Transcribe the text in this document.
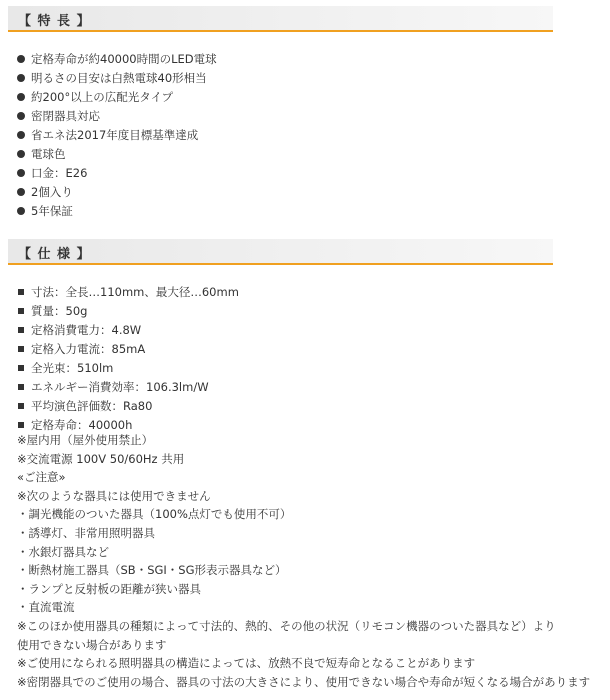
【 特 長 】
定格寿命が約40000時間のLED電球
明るさの目安は白熱電球40形相当
約200°以上の広配光タイプ
密閉器具対応
省エネ法2017年度目標基準達成
電球色
口金：E26
2個入り
5年保証
【 仕 様 】
寸法：全長…110mm、最大径…60mm
質量：50g
定格消費電力：4.8W
定格入力電流：85mA
全光束：510lm
エネルギー消費効率：106.3lm/W
平均演色評価数：Ra80
定格寿命：40000h
※屋内用（屋外使用禁止）
※交流電源 100V 50/60Hz 共用
«ご注意»
※次のような器具には使用できません
・調光機能のついた器具（100%点灯でも使用不可）
・誘導灯、非常用照明器具
・水銀灯器具など
・断熱材施工器具（SB・SGI・SG形表示器具など）
・ランプと反射板の距離が狭い器具
・直流電流
※このほか使用器具の種類によって寸法的、熱的、その他の状況（リモコン機器のついた器具など）より
使用できない場合があります
※ご使用になられる照明器具の構造によっては、放熱不良で短寿命となることがあります
※密閉器具でのご使用の場合、器具の寸法の大きさにより、使用できない場合や寿命が短くなる場合があります
